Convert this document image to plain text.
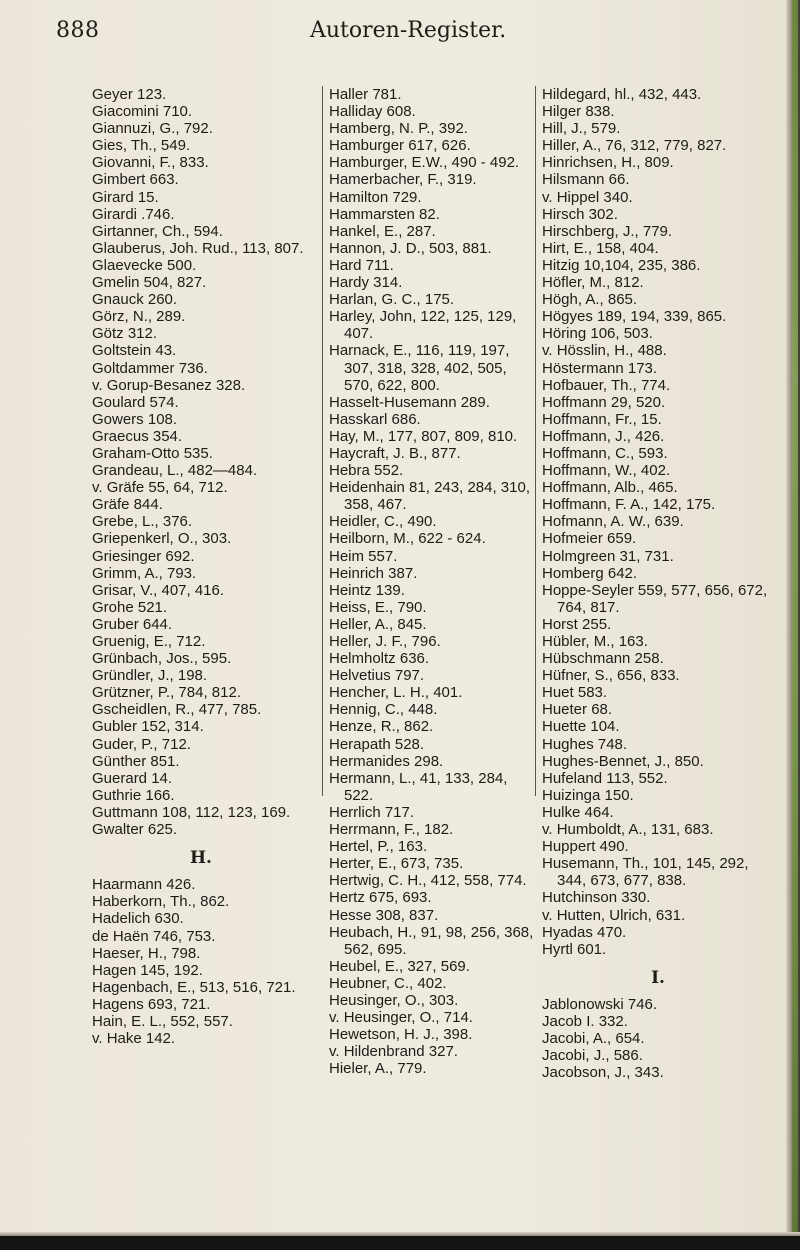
888	Autoren-Register.

Geyer 123.

Giacomini 710.

Giannuzi, G., 792.

Gies, Th., 549.

Giovanni, F., 833.

Gimbert 663.

Girard 15.

Girardi .746.

Girtanner, Ch., 594.

Glauberus, Joh. Rud., 113, 807.

Glaevecke 500.

Gmelin 504, 827.

Gnauck 260.

Görz, N., 289.

Götz 312.

Goltstein 43.

Goltdammer 736.

v. Gorup-Besanez 328.

Goulard 574.

Gowers 108.

Graecus 354.

Graham-Otto 535.

Grandeau, L., 482—484.

v. Gräfe 55, 64, 712.

Gräfe 844.

Grebe, L., 376.

Griepenkerl, O., 303.

Griesinger 692.

Grimm, A., 793.

Grisar, V., 407, 416.

Grohe 521.

Gruber 644.

Gruenig, E., 712.

Grünbach, Jos., 595.

Gründler, J., 198.

Grützner, P., 784, 812.

Gscheidlen, R., 477, 785.

Gubler 152, 314.

Guder, P., 712.

Günther 851.

Guerard 14.

Guthrie 166.

Guttmann 108, 112, 123, 169.

Gwalter 625.

H.

Haarmann 426.

Haberkorn, Th., 862.

Hadelich 630.

de Haën 746, 753.

Haeser, H., 798.

Hagen 145, 192.

Hagenbach, E., 513, 516, 721.

Hagens 693, 721.

Hain, E. L., 552, 557.

v. Hake 142.

Haller 781.

Halliday 608.

Hamberg, N. P., 392.

Hamburger 617, 626.

Hamburger, E.W., 490 - 492.

Hamerbacher, F., 319.

Hamilton 729.

Hammarsten 82.

Hankel, E., 287.

Hannon, J. D., 503, 881.

Hard 711.

Hardy 314.

Harlan, G. C., 175.

Harley, John, 122, 125, 129, 407.

Harnack, E., 116, 119, 197, 307, 318, 328, 402, 505, 570, 622, 800.

Hasselt-Husemann 289.

Hasskarl 686.

Hay, M., 177, 807, 809, 810.

Haycraft, J. B., 877.

Hebra 552.

Heidenhain 81, 243, 284, 310, 358, 467.

Heidler, C., 490.

Heilborn, M., 622 - 624.

Heim 557.

Heinrich 387.

Heintz 139.

Heiss, E., 790.

Heller, A., 845.

Heller, J. F., 796.

Helmholtz 636.

Helvetius 797.

Hencher, L. H., 401.

Hennig, C., 448.

Henze, R., 862.

Herapath 528.

Hermanides 298.

Hermann, L., 41, 133, 284, 522.

Herrlich 717.

Herrmann, F., 182.

Hertel, P., 163.

Herter, E., 673, 735.

Hertwig, C. H., 412, 558, 774.

Hertz 675, 693.

Hesse 308, 837.

Heubach, H., 91, 98, 256, 368, 562, 695.

Heubel, E., 327, 569.

Heubner, C., 402.

Heusinger, O., 303.

v. Heusinger, O., 714.

Hewetson, H. J., 398.

v. Hildenbrand 327.

Hieler, A., 779.

Hildegard, hl., 432, 443.

Hilger 838.

Hill, J., 579.

Hiller, A., 76, 312, 779, 827.

Hinrichsen, H., 809.

Hilsmann 66.

v. Hippel 340.

Hirsch 302.

Hirschberg, J., 779.

Hirt, E., 158, 404.

Hitzig 10,104, 235, 386.

Höfler, M., 812.

Högh, A., 865.

Högyes 189, 194, 339, 865.

Höring 106, 503.

v. Hösslin, H., 488.

Höstermann 173.

Hofbauer, Th., 774.

Hoffmann 29, 520.

Hoffmann, Fr., 15.

Hoffmann, J., 426.

Hoffmann, C., 593.

Hoffmann, W., 402.

Hoffmann, Alb., 465.

Hoffmann, F. A., 142, 175.

Hofmann, A. W., 639.

Hofmeier 659.

Holmgreen 31, 731.

Homberg 642.

Hoppe-Seyler 559, 577, 656, 672, 764, 817.

Horst 255.

Hübler, M., 163.

Hübschmann 258.

Hüfner, S., 656, 833.

Huet 583.

Hueter 68.

Huette 104.

Hughes 748.

Hughes-Bennet, J., 850.

Hufeland 113, 552.

Huizinga 150.

Hulke 464.

v. Humboldt, A., 131, 683.

Huppert 490.

Husemann, Th., 101, 145, 292, 344, 673, 677, 838.

Hutchinson 330.

v. Hutten, Ulrich, 631.

Hyadas 470.

Hyrtl 601.

I.

Jablonowski 746.

Jacob I. 332.

Jacobi, A., 654.

Jacobi, J., 586.

Jacobson, J., 343.
